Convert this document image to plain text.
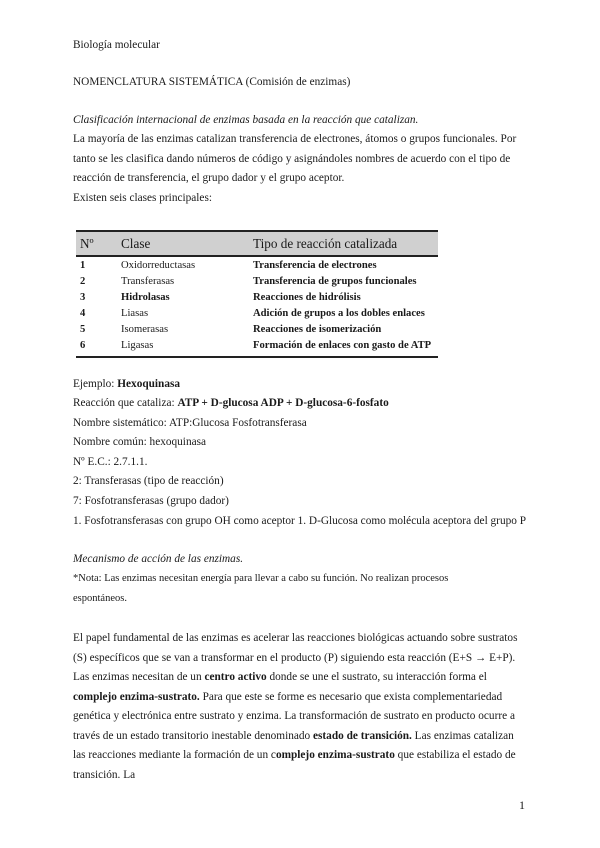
Biología molecular
NOMENCLATURA SISTEMÁTICA (Comisión de enzimas)
Clasificación internacional de enzimas basada en la reacción que catalizan.
La mayoría de las enzimas catalizan transferencia de electrones, átomos o grupos funcionales. Por
tanto se les clasifica dando números de código y asignándoles nombres de acuerdo con el tipo de
reacción de transferencia, el grupo dador y el grupo aceptor.
Existen seis clases principales:
Nº	Clase	Tipo de reacción catalizada
1	Oxidorreductasas	Transferencia de electrones
2	Transferasas	Transferencia de grupos funcionales
3	Hidrolasas	Reacciones de hidrólisis
4	Liasas	Adición de grupos a los dobles enlaces
5	Isomerasas	Reacciones de isomerización
6	Ligasas	Formación de enlaces con gasto de ATP
Ejemplo: Hexoquinasa
Reacción que cataliza: ATP + D-glucosa ADP + D-glucosa-6-fosfato
Nombre sistemático: ATP:Glucosa Fosfotransferasa
Nombre común: hexoquinasa
Nº E.C.: 2.7.1.1.
2: Transferasas (tipo de reacción)
7: Fosfotransferasas (grupo dador)
1. Fosfotransferasas con grupo OH como aceptor 1. D-Glucosa como molécula aceptora del grupo P
Mecanismo de acción de las enzimas.
*Nota: Las enzimas necesitan energía para llevar a cabo su función. No realizan procesos
espontáneos.
El papel fundamental de las enzimas es acelerar las reacciones biológicas actuando sobre sustratos (S) específicos que se van a transformar en el producto (P) siguiendo esta reacción (E+S → E+P). Las enzimas necesitan de un centro activo donde se une el sustrato, su interacción forma el complejo enzima-sustrato. Para que este se forme es necesario que exista complementariedad genética y electrónica entre sustrato y enzima. La transformación de sustrato en producto ocurre a través de un estado transitorio inestable denominado estado de transición. Las enzimas catalizan las reacciones mediante la formación de un complejo enzima-sustrato que estabiliza el estado de transición. La
1
